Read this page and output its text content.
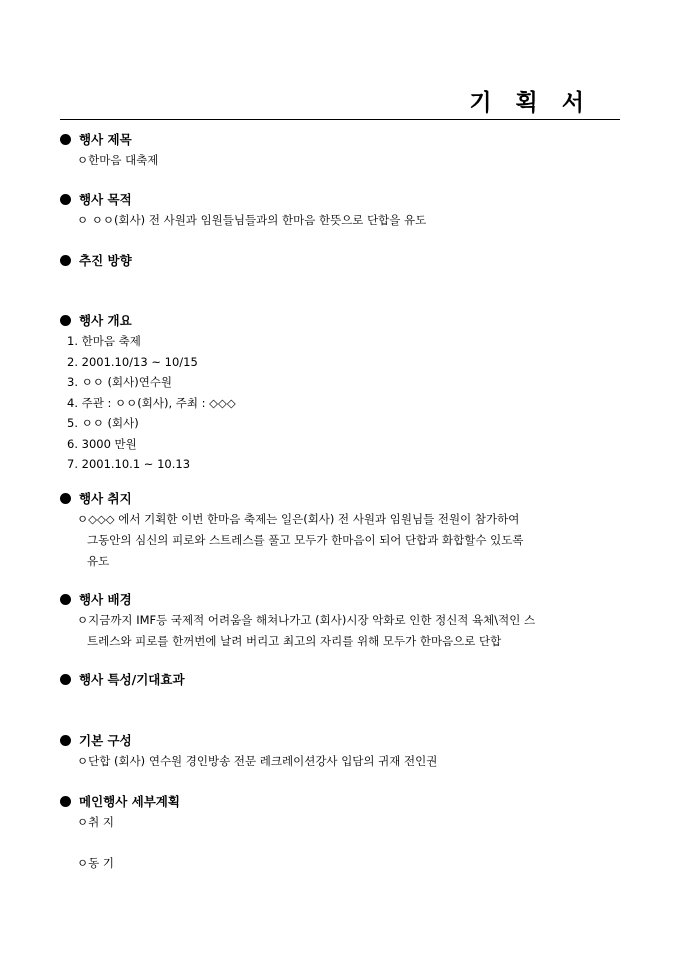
기 획 서
행사 제목
ㅇ한마음 대축제
행사 목적
ㅇ ㅇㅇ(회사) 전 사원과 임원들님들과의 한마음 한뜻으로 단합을 유도
추진 방향
행사 개요
1. 한마음 축제
2. 2001.10/13 ~ 10/15
3. ㅇㅇ (회사)연수원
4. 주관 : ㅇㅇ(회사), 주최 : ◇◇◇
5. ㅇㅇ (회사)
6. 3000 만원
7. 2001.10.1 ~ 10.13
행사 취지
ㅇ◇◇◇ 에서 기획한 이번 한마음 축제는 일은(회사) 전 사원과 임원님들 전원이 참가하여
그동안의 심신의 피로와 스트레스를 풀고 모두가 한마음이 되어 단합과 화합할수 있도록
유도
행사 배경
ㅇ지금까지 IMF등 국제적 어려움을 해쳐나가고 (회사)시장 악화로 인한 정신적 육체\적인 스
트레스와 피로를 한꺼번에 날려 버리고 최고의 자리를 위해 모두가 한마음으로 단합
행사 특성/기대효과
기본 구성
ㅇ단합 (회사) 연수원 경인방송 전문 레크레이션강사 입담의 귀재 전인권
메인행사 세부계획
ㅇ취 지
ㅇ동 기
